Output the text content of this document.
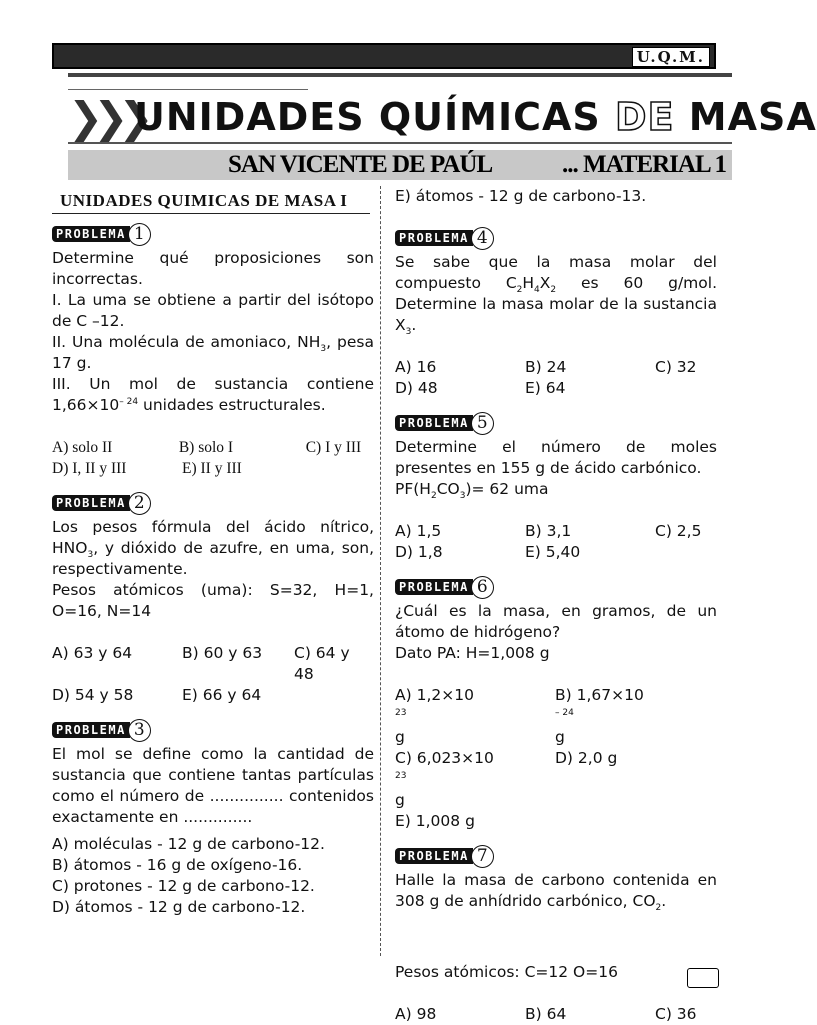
U.Q.M.
❯❯❯
UNIDADES QUÍMICAS DE MASA
SAN VICENTE DE PAÚL	... MATERIAL 1
UNIDADES QUIMICAS DE MASA I
PROBLEMA 1
Determine qué proposiciones son incorrectas.
I. La uma se obtiene a partir del isótopo de C –12.
II. Una molécula de amoniaco, $NH_3$, pesa 17 g.
III. Un mol de sustancia contiene $1,66\times 10^{- 24}$ unidades estructurales.
A) solo II	B) solo I	C) I y III
D) I, II y III	E) II y III
PROBLEMA 2
Los pesos fórmula del ácido nítrico, $HNO_3$, y dióxido de azufre, en uma, son, respectivamente.
Pesos atómicos (uma): S=32, H=1, O=16, N=14
A) 63 y 64	B) 60 y 63	C) 64 y 48
D) 54 y 58	E) 66 y 64
PROBLEMA 3
El mol se define como la cantidad de sustancia que contiene tantas partículas como el número de ............... contenidos exactamente en ..............
A) moléculas - 12 g de carbono-12.
B) átomos - 16 g de oxígeno-16.
C) protones - 12 g de carbono-12.
D) átomos - 12 g de carbono-12.
E) átomos - 12 g de carbono-13.
PROBLEMA 4
Se sabe que la masa molar del compuesto $C_2H_4X_2$ es 60 g/mol. Determine la masa molar de la sustancia $X_3$.
A) 16	B) 24	C) 32
D) 48	E) 64
PROBLEMA 5
Determine el número de moles presentes en 155 g de ácido carbónico.
$PF(H_2CO_3)= 62$ uma
A) 1,5	B) 3,1	C) 2,5
D) 1,8	E) 5,40
PROBLEMA 6
¿Cuál es la masa, en gramos, de un átomo de hidrógeno?
Dato PA: H=1,008 g
A) $1,2\times 10^{23}g$
B) $1,67\times 10^{- 24}g$
C) $6,023\times 10^{23}g$
D) 2,0 g
E) 1,008 g
PROBLEMA 7
Halle la masa de carbono contenida en 308 g de anhídrido carbónico, $CO_2$.
Pesos atómicos: C=12 O=16
A) 98	B) 64	C) 36
